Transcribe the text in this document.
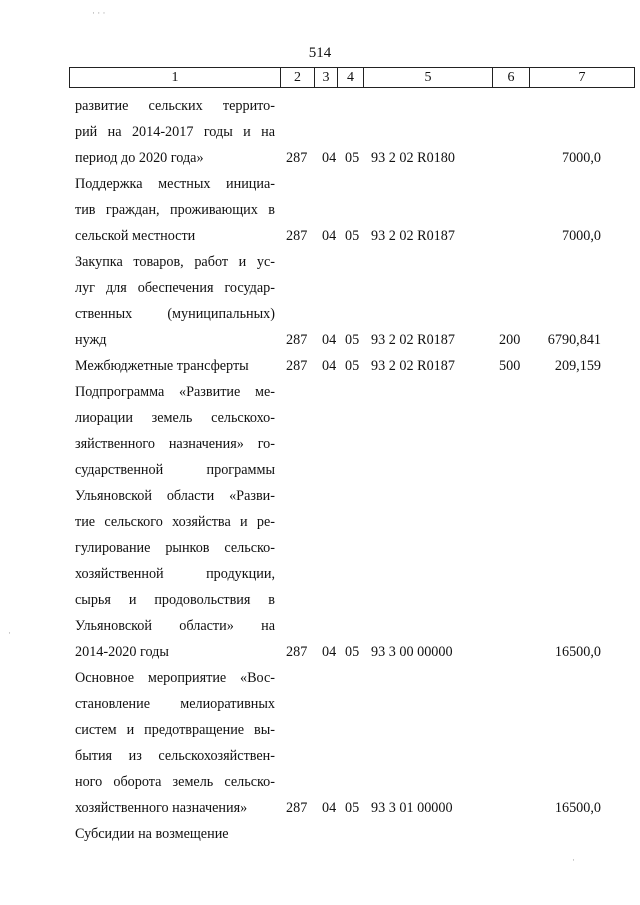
514
1	2	3	4	5	6	7
развитие сельских террито-
рий на 2014-2017 годы и на
период до 2020 года»	287 04 05 93 2 02 R0180	7000,0
Поддержка местных инициа-
тив граждан, проживающих в
сельской местности	287 04 05 93 2 02 R0187	7000,0
Закупка товаров, работ и ус-
луг для обеспечения государ-
ственных (муниципальных)
нужд	287 04 05 93 2 02 R0187	200 6790,841
Межбюджетные трансферты	287 04 05 93 2 02 R0187	500 209,159
Подпрограмма «Развитие ме-
лиорации земель сельскохо-
зяйственного назначения» го-
сударственной программы
Ульяновской области «Разви-
тие сельского хозяйства и ре-
гулирование рынков сельско-
хозяйственной продукции,
сырья и продовольствия в
Ульяновской области» на
2014-2020 годы	287 04 05 93 3 00 00000	16500,0
Основное мероприятие «Вос-
становление мелиоративных
систем и предотвращение вы-
бытия из сельскохозяйствен-
ного оборота земель сельско-
хозяйственного назначения»	287 04 05 93 3 01 00000	16500,0
Субсидии на возмещение
· · ·
·
·
